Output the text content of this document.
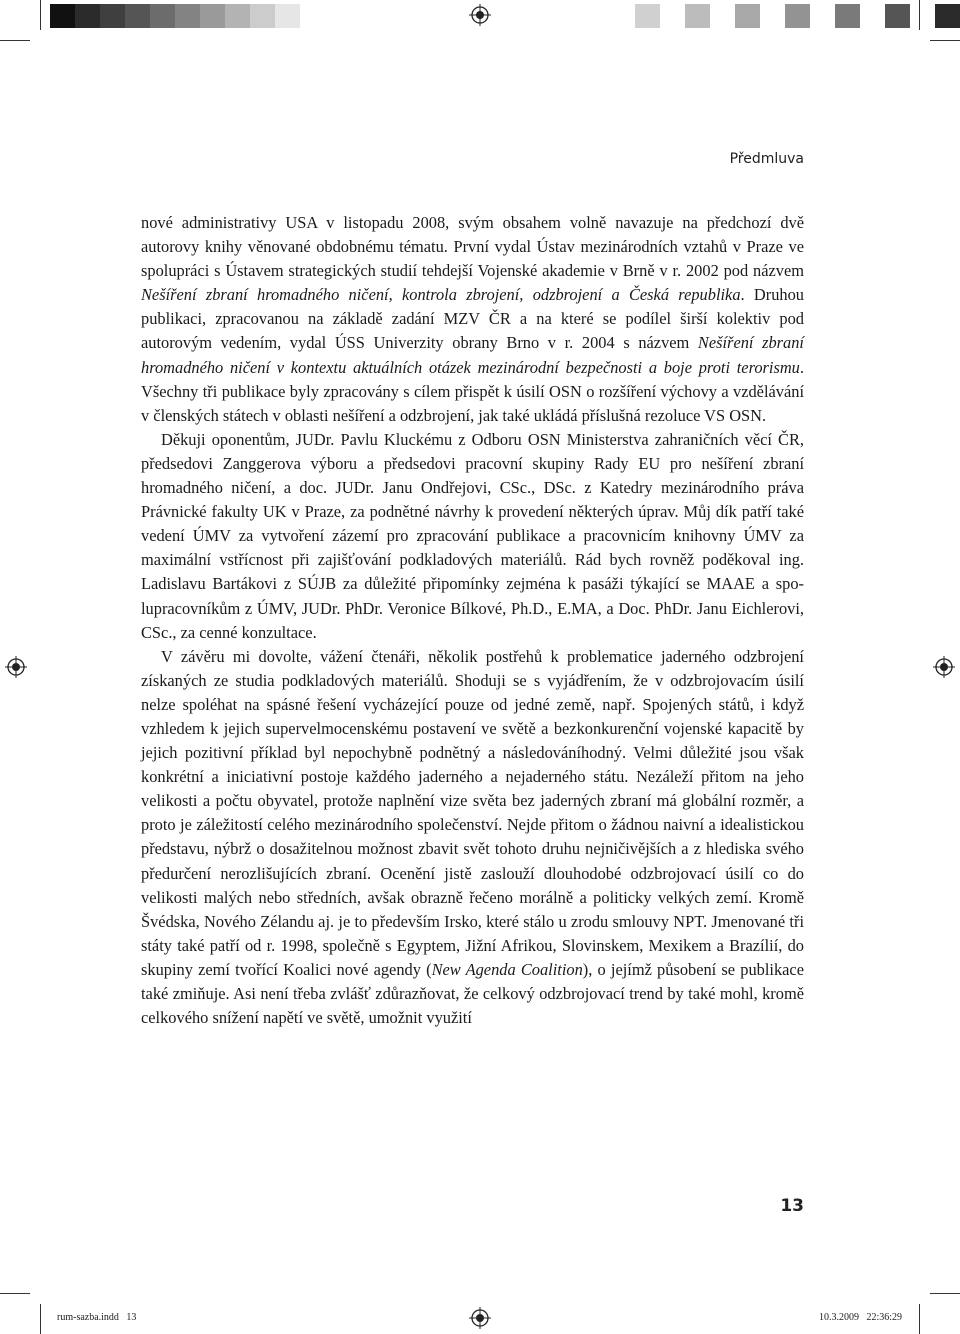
Předmluva

nové administrativy USA v listopadu 2008, svým obsahem volně navazuje na předchozí dvě autorovy knihy věnované obdobnému tématu. První vydal Ústav mezinárodních vztahů v Praze ve spolupráci s Ústavem strategických studií tehdejší Vojenské akademie v Brně v r. 2002 pod názvem Nešíření zbraní hromadného ničení, kontrola zbrojení, odzbrojení a Česká republika. Druhou publikaci, zpracovanou na základě zadání MZV ČR a na které se podílel širší kolektiv pod autorovým vedením, vydal ÚSS Univerzity obrany Brno v r. 2004 s názvem Nešíření zbraní hromadného ničení v kontextu aktuálních otázek mezinárodní bezpečnosti a boje proti terorismu. Všechny tři publikace byly zpracovány s cílem přispět k úsilí OSN o rozšíření výchovy a vzdělávání v členských státech v oblasti nešíření a odzbrojení, jak také ukládá příslušná rezoluce VS OSN.

Děkuji oponentům, JUDr. Pavlu Kluckému z Odboru OSN Ministerstva zahraničních věcí ČR, předsedovi Zanggerova výboru a předsedovi pracovní skupiny Rady EU pro nešíření zbraní hromadného ničení, a doc. JUDr. Janu Ondřejovi, CSc., DSc. z Katedry mezinárodního práva Právnické fakulty UK v Praze, za podnětné návrhy k provedení některých úprav. Můj dík patří také vedení ÚMV za vytvoření zázemí pro zpracování publikace a pracovnicím knihovny ÚMV za maximální vstřícnost při zajišťování podkladových materiálů. Rád bych rovněž poděkoval ing. Ladislavu Bartákovi z SÚJB za důležité připomínky zejména k pasáži týkající se MAAE a spolupracovníkům z ÚMV, JUDr. PhDr. Veronice Bílkové, Ph.D., E.MA, a Doc. PhDr. Janu Eichlerovi, CSc., za cenné konzultace.

V závěru mi dovolte, vážení čtenáři, několik postřehů k problematice jaderného odzbrojení získaných ze studia podkladových materiálů. Shoduji se s vyjádřením, že v odzbrojovacím úsilí nelze spoléhat na spásné řešení vycházející pouze od jedné země, např. Spojených států, i když vzhledem k jejich supervelmocenskému postavení ve světě a bezkonkurenční vojenské kapacitě by jejich pozitivní příklad byl nepochybně podnětný a následováníhodný. Velmi důležité jsou však konkrétní a iniciativní postoje každého jaderného a nejaderného státu. Nezáleží přitom na jeho velikosti a počtu obyvatel, protože naplnění vize světa bez jaderných zbraní má globální rozměr, a proto je záležitostí celého mezinárodního společenství. Nejde přitom o žádnou naivní a idealistickou představu, nýbrž o dosažitelnou možnost zbavit svět tohoto druhu nejničivějších a z hlediska svého předurčení nerozlišujících zbraní. Ocenění jistě zaslouží dlouhodobé odzbrojovací úsilí co do velikosti malých nebo středních, avšak obrazně řečeno morálně a politicky velkých zemí. Kromě Švédska, Nového Zélandu aj. je to především Irsko, které stálo u zrodu smlouvy NPT. Jmenované tři státy také patří od r. 1998, společně s Egyptem, Jižní Afrikou, Slovinskem, Mexikem a Brazílií, do skupiny zemí tvořící Koalici nové agendy (New Agenda Coalition), o jejímž působení se publikace také zmiňuje. Asi není třeba zvlášť zdůrazňovat, že celkový odzbrojovací trend by také mohl, kromě celkového snížení napětí ve světě, umožnit využití

13
rum-sazba.indd   13	10.3.2009   22:36:29
